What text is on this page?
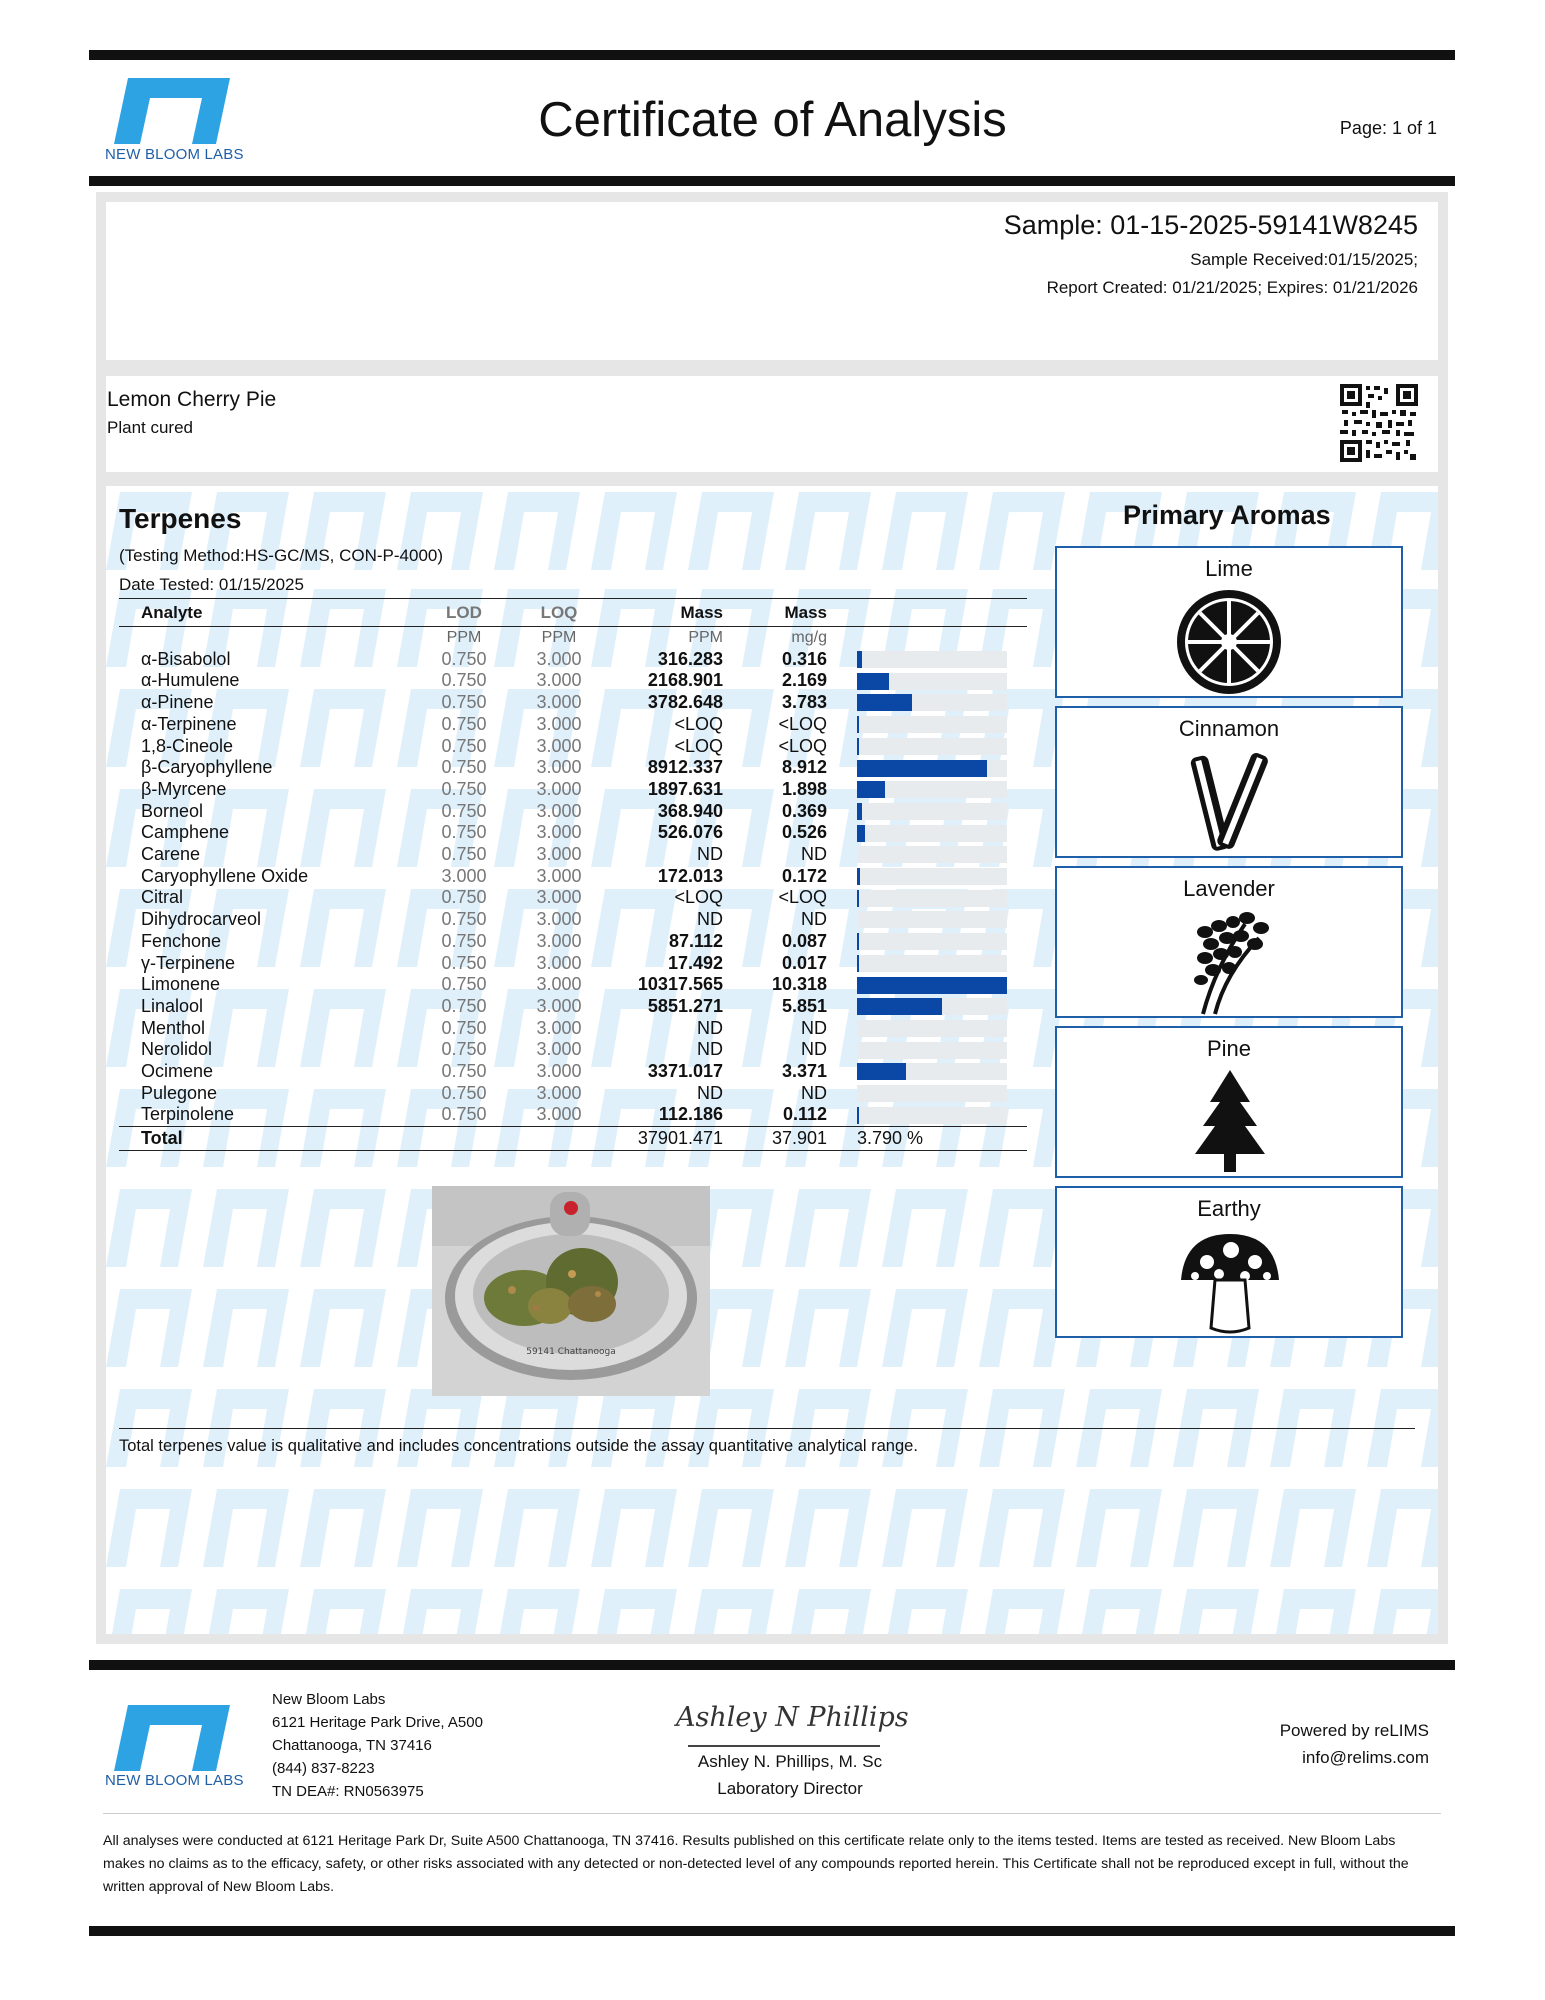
NEW BLOOM LABS
Certificate of Analysis	Page: 1 of 1
Sample: 01-15-2025-59141W8245
Sample Received:01/15/2025;
Report Created: 01/21/2025; Expires: 01/21/2026
Lemon Cherry Pie
Plant cured
Terpenes
(Testing Method:HS-GC/MS, CON-P-4000)
Date Tested: 01/15/2025
Analyte	LOD	LOQ	Mass	Mass	
	PPM	PPM	PPM	mg/g	
α-Bisabolol	0.750	3.000	316.283	0.316	

α-Humulene	0.750	3.000	2168.901	2.169	

α-Pinene	0.750	3.000	3782.648	3.783	

α-Terpinene	0.750	3.000	<LOQ	<LOQ	

1,8-Cineole	0.750	3.000	<LOQ	<LOQ	

β-Caryophyllene	0.750	3.000	8912.337	8.912	

β-Myrcene	0.750	3.000	1897.631	1.898	

Borneol	0.750	3.000	368.940	0.369	

Camphene	0.750	3.000	526.076	0.526	

Carene	0.750	3.000	ND	ND	

Caryophyllene Oxide	3.000	3.000	172.013	0.172	

Citral	0.750	3.000	<LOQ	<LOQ	

Dihydrocarveol	0.750	3.000	ND	ND	

Fenchone	0.750	3.000	87.112	0.087	

γ-Terpinene	0.750	3.000	17.492	0.017	

Limonene	0.750	3.000	10317.565	10.318	

Linalool	0.750	3.000	5851.271	5.851	

Menthol	0.750	3.000	ND	ND	

Nerolidol	0.750	3.000	ND	ND	

Ocimene	0.750	3.000	3371.017	3.371	

Pulegone	0.750	3.000	ND	ND	

Terpinolene	0.750	3.000	112.186	0.112	

Total			37901.471	37.901	3.790 %
Primary Aromas
Lime
Cinnamon
Lavender
Pine
Earthy
59141 Chattanooga
Total terpenes value is qualitative and includes concentrations outside the assay quantitative analytical range.
NEW BLOOM LABS
New Bloom Labs
6121 Heritage Park Drive, A500
Chattanooga, TN 37416
(844) 837-8223
TN DEA#: RN0563975
Ashley N Phillips
Ashley N. Phillips, M. Sc
Laboratory Director
Powered by reLIMS
info@relims.com
All analyses were conducted at 6121 Heritage Park Dr, Suite A500 Chattanooga, TN 37416. Results published on this certificate relate only to the items tested. Items are tested as received. New Bloom Labs makes no claims as to the efficacy, safety, or other risks associated with any detected or non-detected level of any compounds reported herein. This Certificate shall not be reproduced except in full, without the written approval of New Bloom Labs.
